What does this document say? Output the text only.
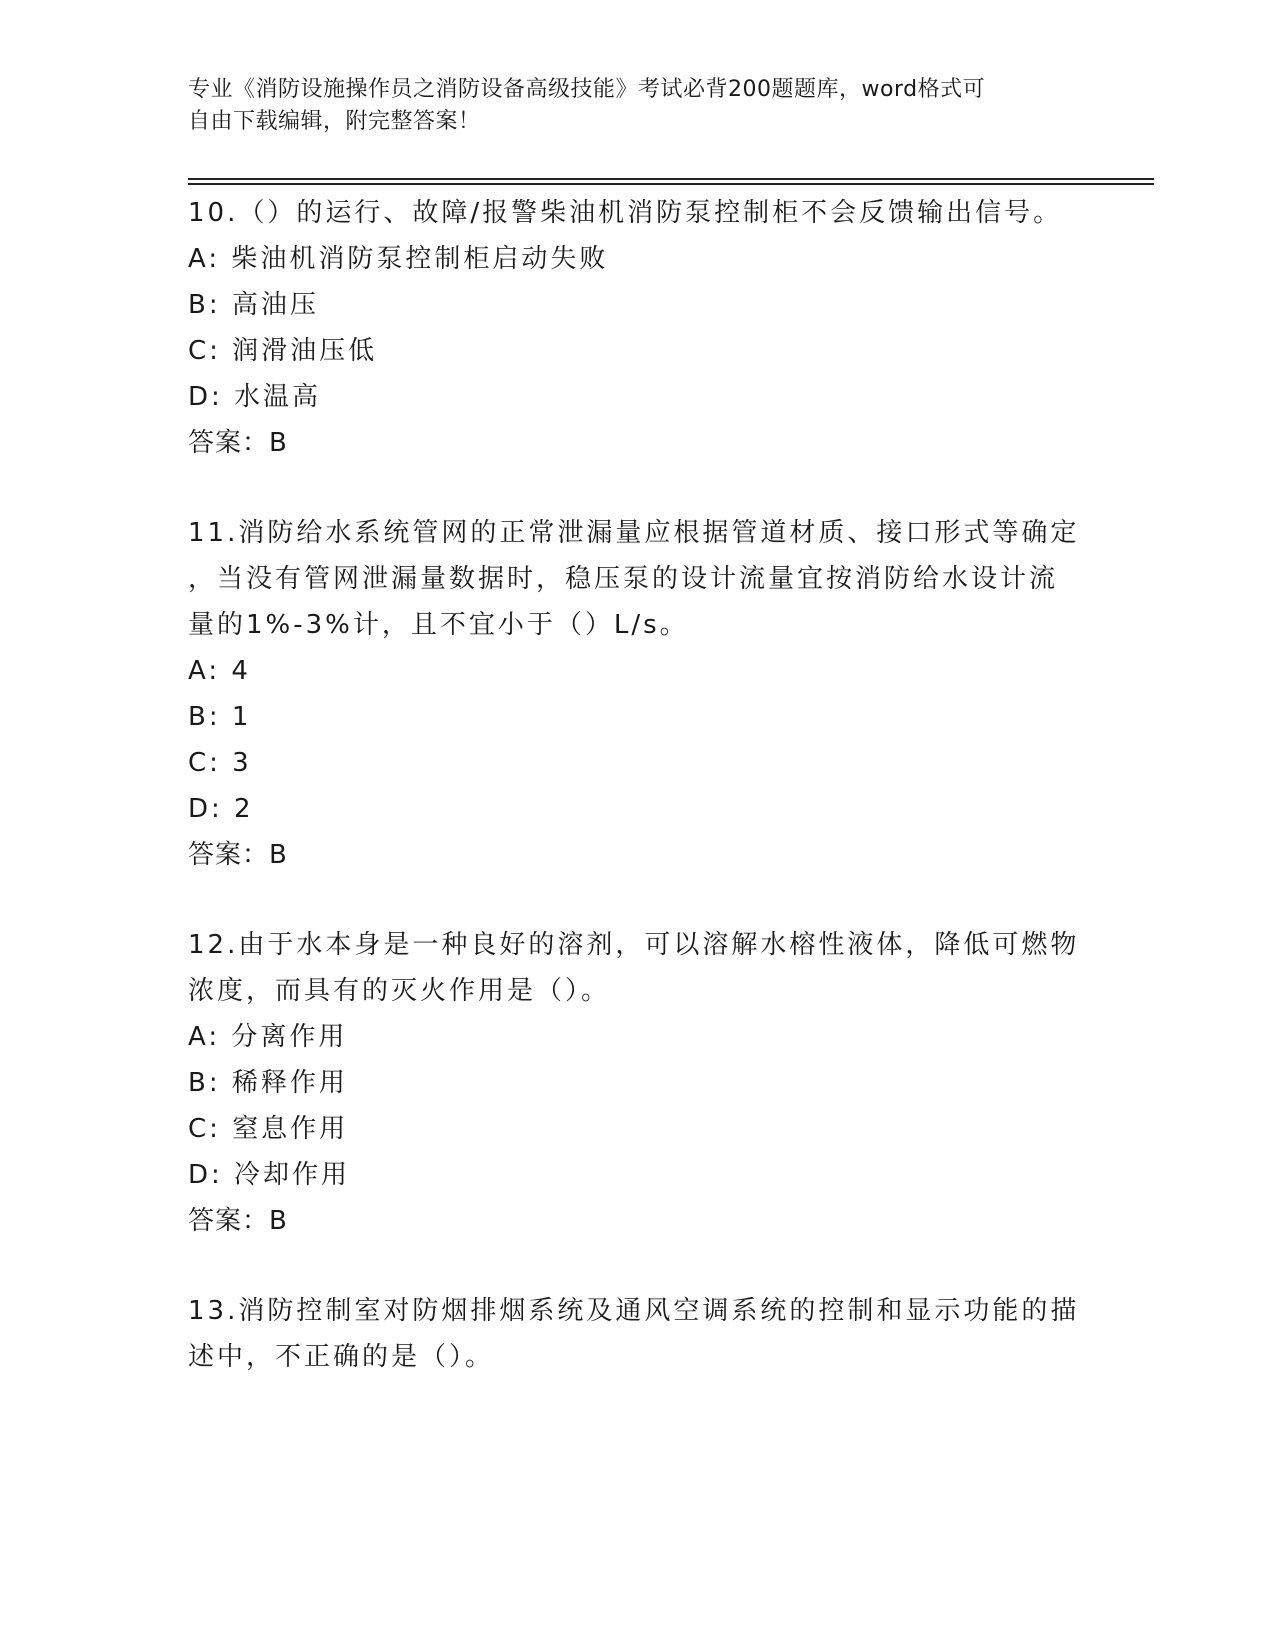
专业《消防设施操作员之消防设备高级技能》考试必背200题题库，word格式可
自由下载编辑，附完整答案！
10.（）的运行、故障/报警柴油机消防泵控制柜不会反馈输出信号。
A: 柴油机消防泵控制柜启动失败
B: 高油压
C: 润滑油压低
D: 水温高
答案：B
11.消防给水系统管网的正常泄漏量应根据管道材质、接口形式等确定
，当没有管网泄漏量数据时，稳压泵的设计流量宜按消防给水设计流
量的1%-3%计，且不宜小于（）L/s。
A: 4
B: 1
C: 3
D: 2
答案：B
12.由于水本身是一种良好的溶剂，可以溶解水榕性液体，降低可燃物
浓度，而具有的灭火作用是（）。
A: 分离作用
B: 稀释作用
C: 窒息作用
D: 冷却作用
答案：B
13.消防控制室对防烟排烟系统及通风空调系统的控制和显示功能的描
述中，不正确的是（）。
